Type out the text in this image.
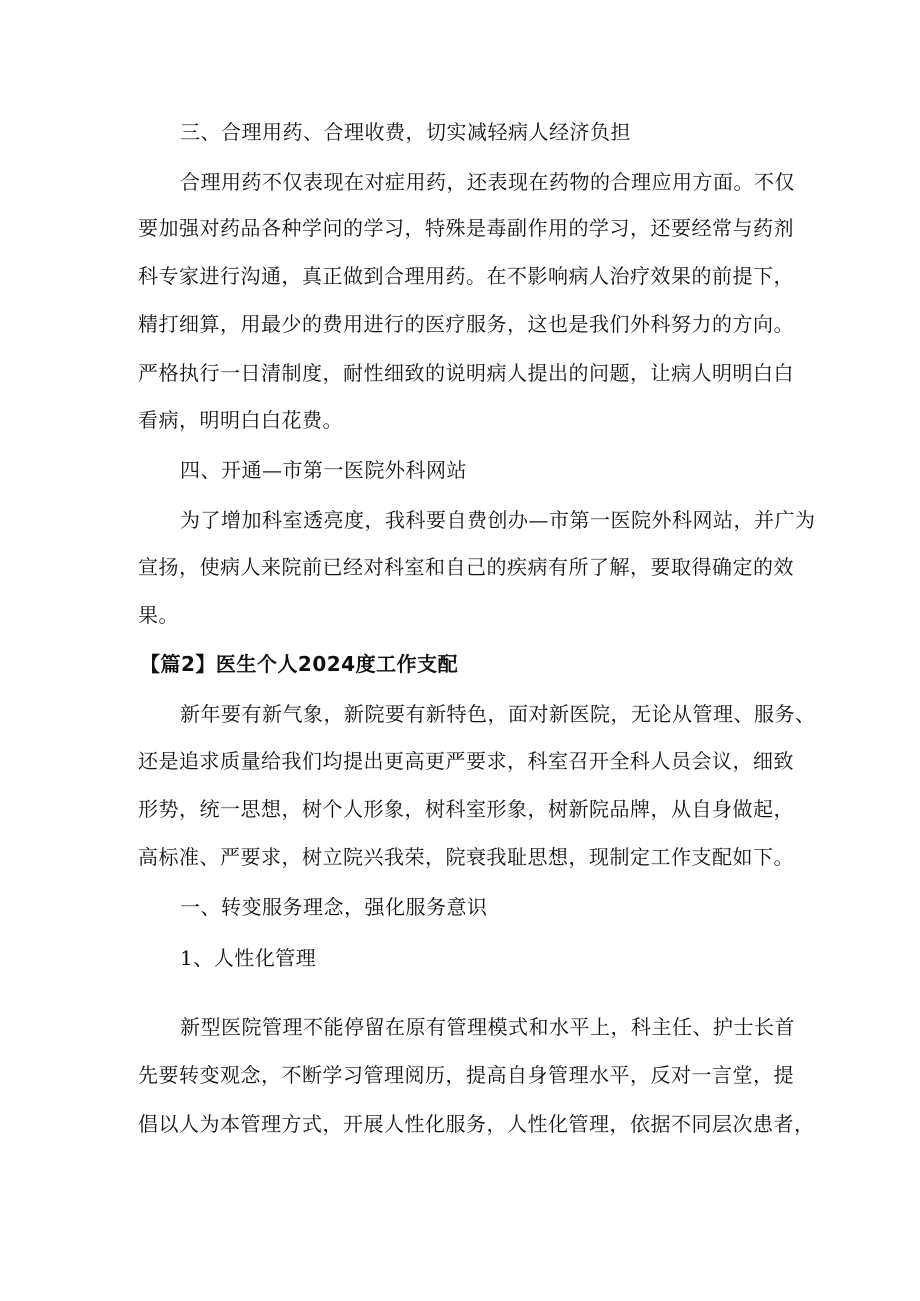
三、合理用药、合理收费，切实减轻病人经济负担
合理用药不仅表现在对症用药，还表现在药物的合理应用方面。不仅
要加强对药品各种学问的学习，特殊是毒副作用的学习，还要经常与药剂
科专家进行沟通，真正做到合理用药。在不影响病人治疗效果的前提下，
精打细算，用最少的费用进行的医疗服务，这也是我们外科努力的方向。
严格执行一日清制度，耐性细致的说明病人提出的问题，让病人明明白白
看病，明明白白花费。
四、开通—市第一医院外科网站
为了增加科室透亮度，我科要自费创办—市第一医院外科网站，并广为
宣扬，使病人来院前已经对科室和自己的疾病有所了解，要取得确定的效
果。
【篇2】医生个人2024度工作支配
新年要有新气象，新院要有新特色，面对新医院，无论从管理、服务、
还是追求质量给我们均提出更高更严要求，科室召开全科人员会议，细致
形势，统一思想，树个人形象，树科室形象，树新院品牌，从自身做起，
高标准、严要求，树立院兴我荣，院衰我耻思想，现制定工作支配如下。
一、转变服务理念，强化服务意识
1、人性化管理
新型医院管理不能停留在原有管理模式和水平上，科主任、护士长首
先要转变观念，不断学习管理阅历，提高自身管理水平，反对一言堂，提
倡以人为本管理方式，开展人性化服务，人性化管理，依据不同层次患者，
